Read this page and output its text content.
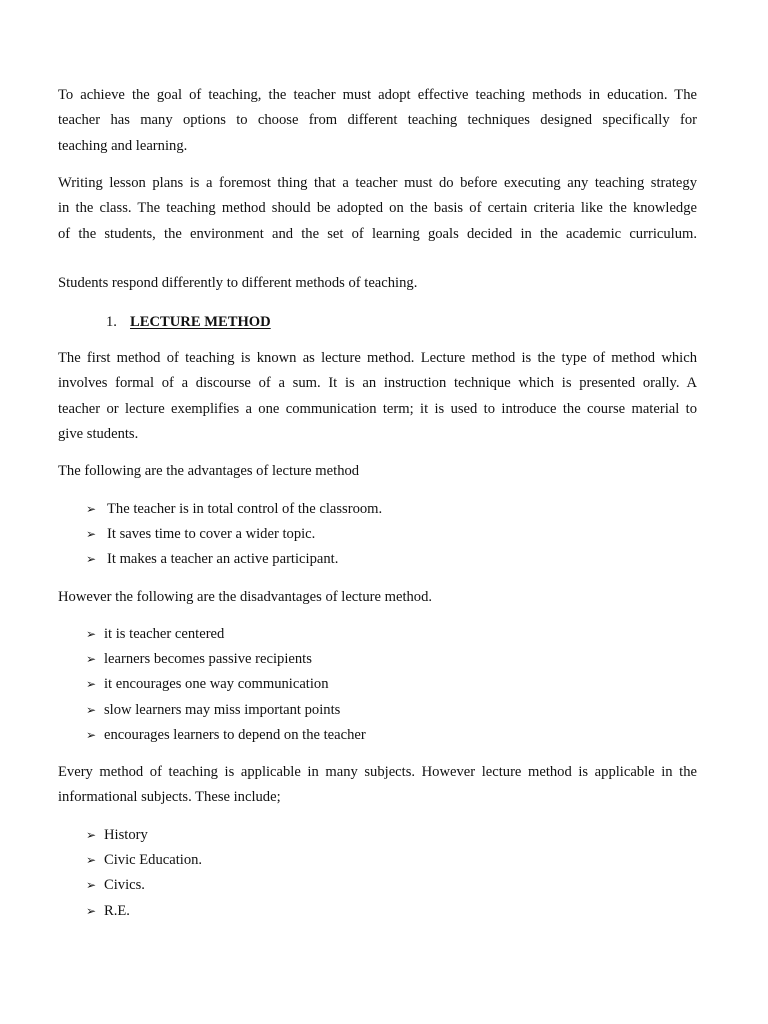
To achieve the goal of teaching, the teacher must adopt effective teaching methods in education. The
teacher has many options to choose from different teaching techniques designed specifically for
teaching and learning.

Writing lesson plans is a foremost thing that a teacher must do before executing any teaching strategy
in the class. The teaching method should be adopted on the basis of certain criteria like the knowledge
of the students, the environment and the set of learning goals decided in the academic curriculum.

Students respond differently to different methods of teaching.

1. LECTURE METHOD

The first method of teaching is known as lecture method. Lecture method is the type of method which
involves formal of a discourse of a sum. It is an instruction technique which is presented orally. A
teacher or lecture exemplifies a one communication term; it is used to introduce the course material to
give students.

The following are the advantages of lecture method

➢ The teacher is in total control of the classroom.
➢ It saves time to cover a wider topic.
➢ It makes a teacher an active participant.

However the following are the disadvantages of lecture method.

➢ it is teacher centered
➢ learners becomes passive recipients
➢ it encourages one way communication
➢ slow learners may miss important points
➢ encourages learners to depend on the teacher

Every method of teaching is applicable in many subjects. However lecture method is applicable in the
informational subjects. These include;

➢ History
➢ Civic Education.
➢ Civics.
➢ R.E.
